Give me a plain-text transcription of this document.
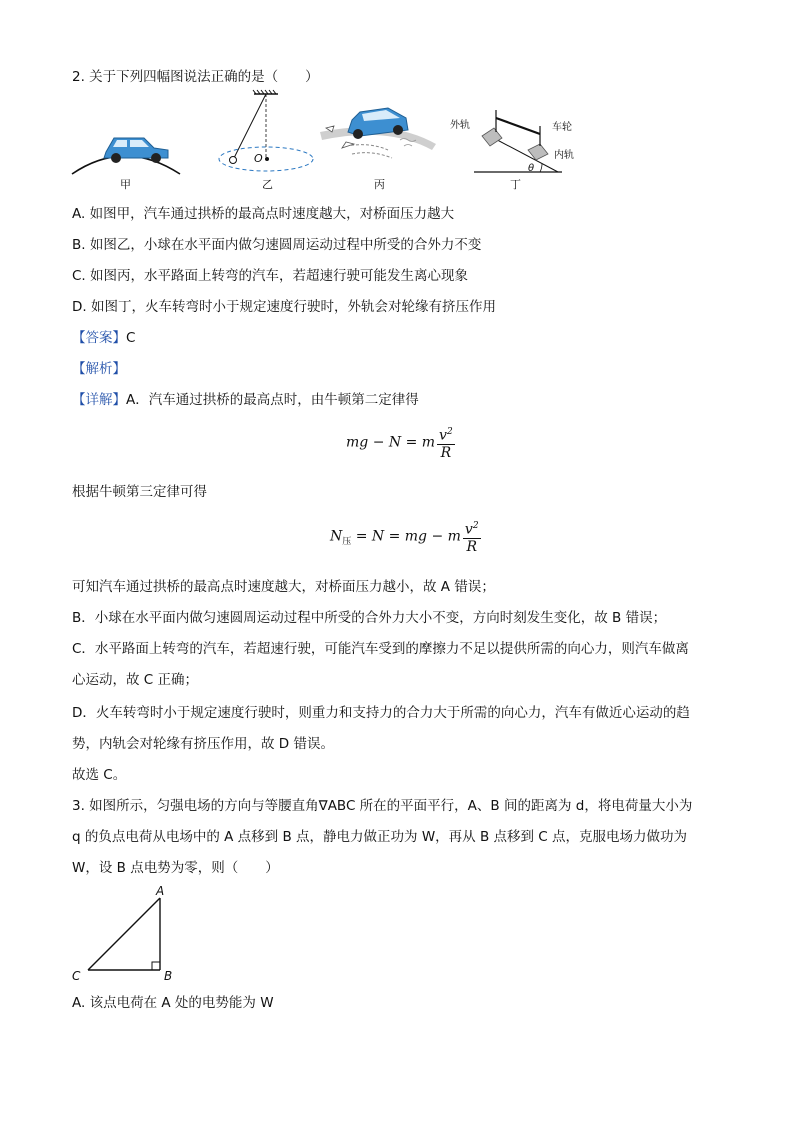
2. 关于下列四幅图说法正确的是（　　）
甲
O
乙	丙
外轨	车轮
内轨
θ
丁
A. 如图甲，汽车通过拱桥的最高点时速度越大，对桥面压力越大
B. 如图乙，小球在水平面内做匀速圆周运动过程中所受的合外力不变
C. 如图丙，水平路面上转弯的汽车，若超速行驶可能发生离心现象
D. 如图丁，火车转弯时小于规定速度行驶时，外轨会对轮缘有挤压作用
【答案】C
【解析】
【详解】A．汽车通过拱桥的最高点时，由牛顿第二定律得
mg − N = m $\frac{v^2}{R}$
根据牛顿第三定律可得
$N_压 = N$ = mg − m $\frac{v^2}{R}$
可知汽车通过拱桥的最高点时速度越大，对桥面压力越小，故 A 错误；
B．小球在水平面内做匀速圆周运动过程中所受的合外力大小不变，方向时刻发生变化，故 B 错误；
C．水平路面上转弯的汽车，若超速行驶，可能汽车受到的摩擦力不足以提供所需的向心力，则汽车做离
心运动，故 C 正确；
D．火车转弯时小于规定速度行驶时，则重力和支持力的合力大于所需的向心力，汽车有做近心运动的趋
势，内轨会对轮缘有挤压作用，故 D 错误。
故选 C。
3. 如图所示，匀强电场的方向与等腰直角∇ABC 所在的平面平行，A、B 间的距离为 d，将电荷量大小为
q 的负点电荷从电场中的 A 点移到 B 点，静电力做正功为 W，再从 B 点移到 C 点，克服电场力做功为
W，设 B 点电势为零，则（　　）
A
B
C
A. 该点电荷在 A 处的电势能为 W
